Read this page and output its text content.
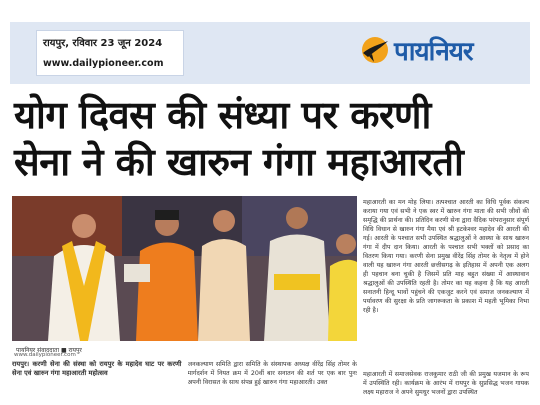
रायपुर, रविवार 23 जून 2024
www.dailypioneer.com	पायनियर
योग दिवस की संध्या पर करणी
सेना ने की खारुन गंगा महाआरती

महाआरती का मन मोह लिया। तत्पश्चात आरती का विधि पूर्वक संकल्प कराया गया एवं सभी ने एक स्वर में खारुन गंगा माता की सभी जीवों की समृद्धि की प्रार्थना की। प्रतिदिन करणी सेना द्वारा वैदिक परंपरानुसार संपूर्ण विधि विधान से खारुन गंगा मैया एवं श्री हटकेश्वर महादेव की आरती की गई। आरती के पश्चात सभी उपस्थित श्रद्धालुओं ने आस्था के साथ खारुन गंगा में दीप दान किया। आरती के पश्चात सभी भक्तों को प्रसाद का वितरण किया गया। करणी सेना प्रमुख वीरेंद्र सिंह तोमर के नेतृत्व में होने वाली यह खारुन गंगा आरती छत्तीसगढ़ के इतिहास में अपनी एक अलग ही पहचान बना चुकी है जिसमें प्रति माह बहुत संख्या में आस्थावान श्रद्धालुओं की उपस्थिति रहती है। तोमर का यह कहना है कि यह आरती सनातनी हिन्दू भावों पहुंचने की एकजुट करने एवं समाज जनकल्याण में पर्यावरण की सुरक्षा के प्रति जागरूकता के प्रकाश में महती भूमिका निभा रही है।

पायनियर संवाददाता ■ रायपुर
www.dailypioneer.com

रायपुर। करणी सेना की संस्था को रायपुर के महादेव घाट पर करणी सेना एवं खारुन गंगा महाआरती महोत्सव

जनकल्याण समिति द्वारा समिति के संस्थापक अध्यक्ष वीरेंद्र सिंह तोमर के मार्गदर्शन में नियत क्रम में 20वीं बार सनातन की शर्त पर एक बार पुनः अपनी विरासत के साथ संपन्न हुई खारुन गंगा महाआरती। उक्त

महाआरती में समाजसेवक राजकुमार राठी जी की प्रमुख यजमान के रूप में उपस्थिति रही। कार्यक्रम के आरंभ में रायपुर के सुप्रसिद्ध भजन गायक लक्ष्य महाराज ने अपने सुमधुर भजनों द्वारा उपस्थित
